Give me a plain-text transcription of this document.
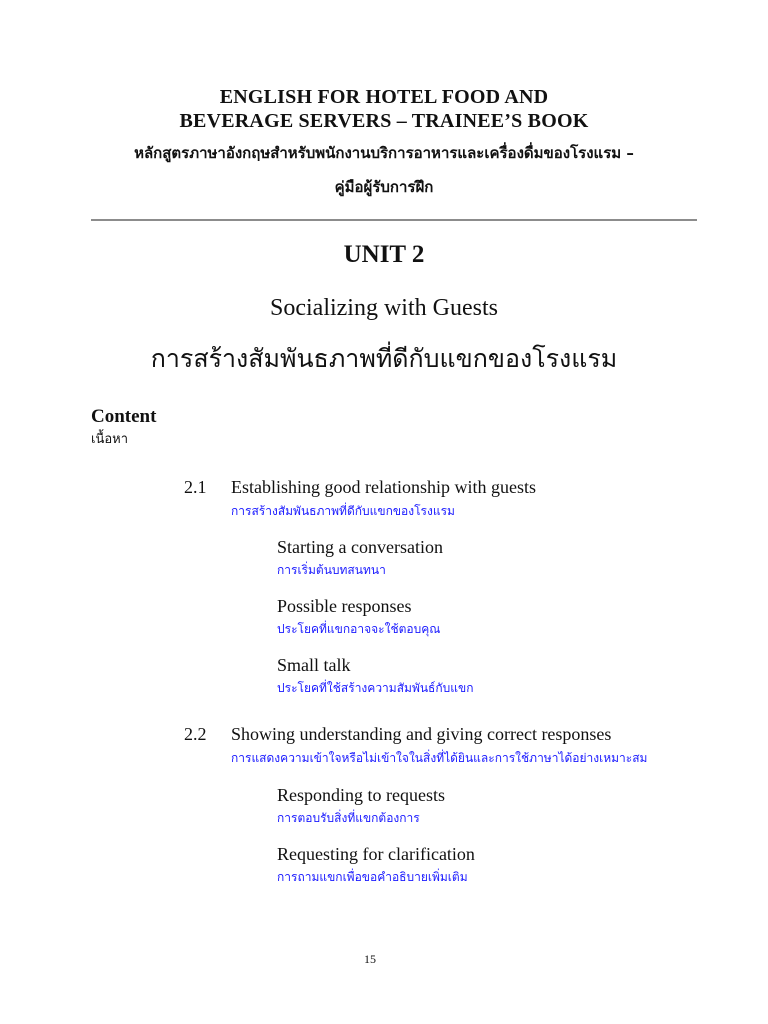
ENGLISH FOR HOTEL FOOD AND
BEVERAGE SERVERS – TRAINEE’S BOOK
หลักสูตรภาษาอังกฤษสำหรับพนักงานบริการอาหารและเครื่องดื่มของโรงแรม –
คู่มือผู้รับการฝึก
UNIT 2
Socializing with Guests
การสร้างสัมพันธภาพที่ดีกับแขกของโรงแรม
Content
เนื้อหา
2.1 Establishing good relationship with guests
การสร้างสัมพันธภาพที่ดีกับแขกของโรงแรม
Starting a conversation
การเริ่มต้นบทสนทนา
Possible responses
ประโยคที่แขกอาจจะใช้ตอบคุณ
Small talk
ประโยคที่ใช้สร้างความสัมพันธ์กับแขก
2.2 Showing understanding and giving correct responses
การแสดงความเข้าใจหรือไม่เข้าใจในสิ่งที่ได้ยินและการใช้ภาษาได้อย่างเหมาะสม
Responding to requests
การตอบรับสิ่งที่แขกต้องการ
Requesting for clarification
การถามแขกเพื่อขอคำอธิบายเพิ่มเติม
15
